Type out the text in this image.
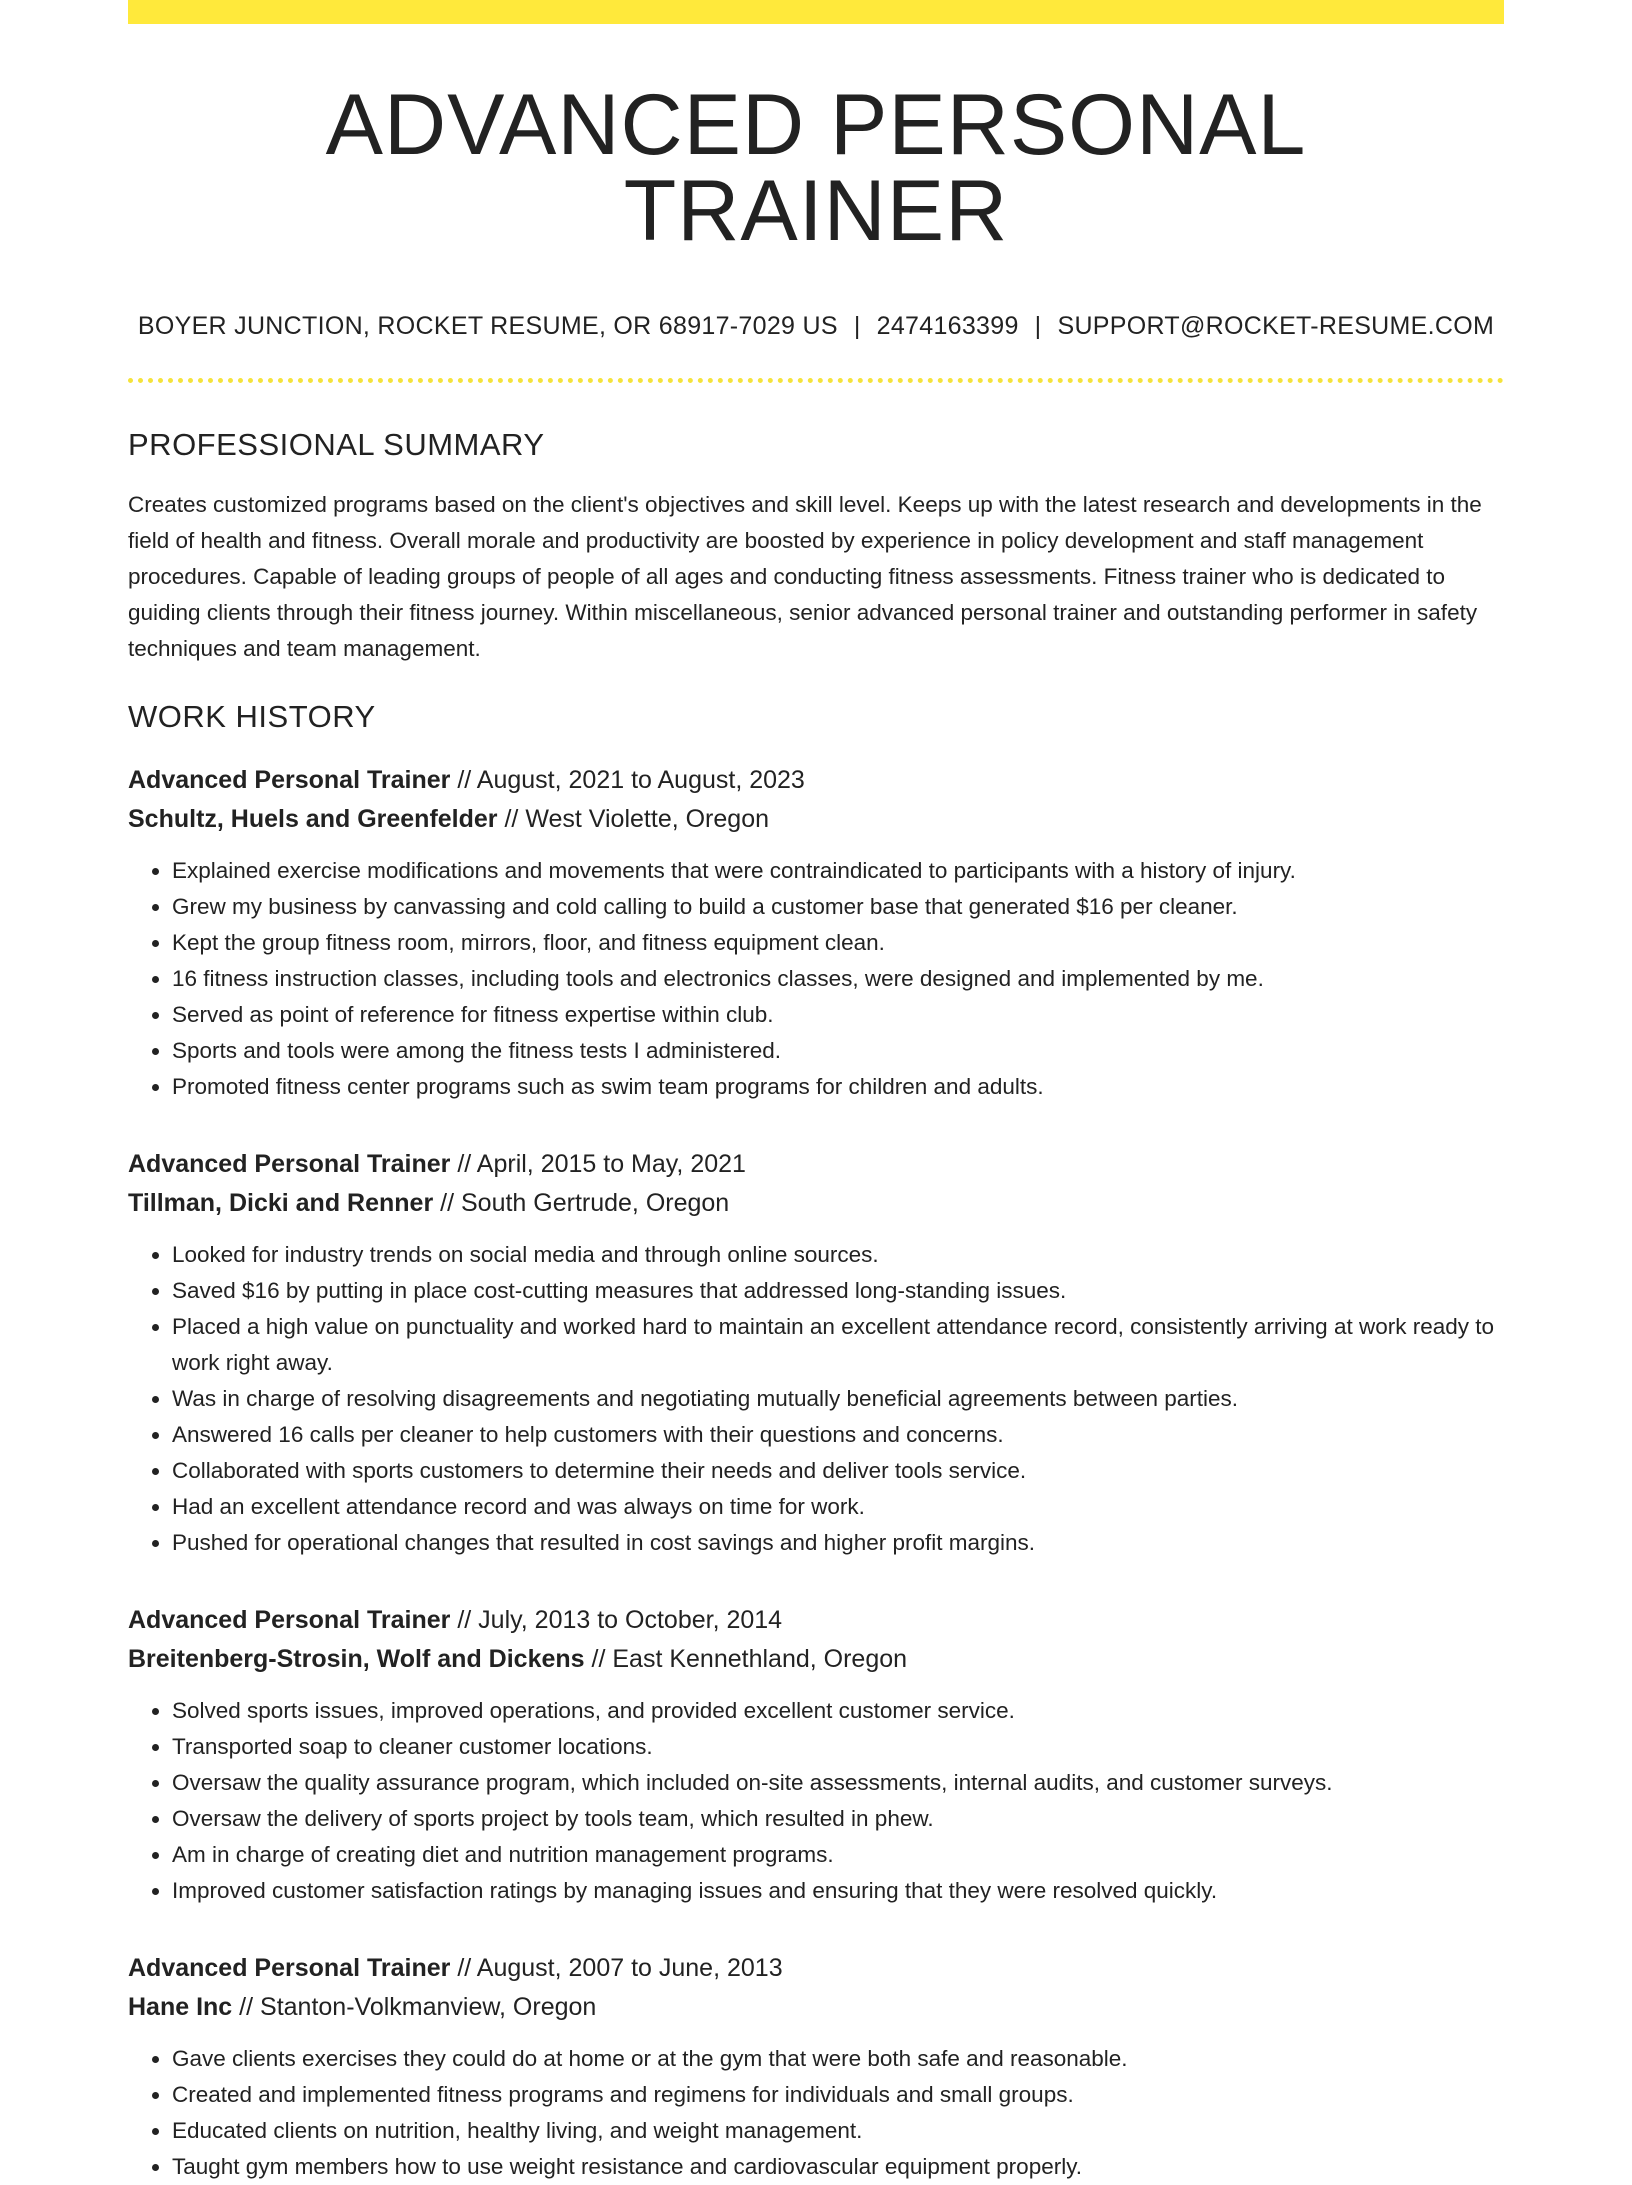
ADVANCED PERSONAL TRAINER
BOYER JUNCTION, ROCKET RESUME, OR 68917-7029 US | 2474163399 | SUPPORT@ROCKET-RESUME.COM
PROFESSIONAL SUMMARY

Creates customized programs based on the client's objectives and skill level. Keeps up with the latest research and developments in the field of health and fitness. Overall morale and productivity are boosted by experience in policy development and staff management procedures. Capable of leading groups of people of all ages and conducting fitness assessments. Fitness trainer who is dedicated to guiding clients through their fitness journey. Within miscellaneous, senior advanced personal trainer and outstanding performer in safety techniques and team management.

WORK HISTORY
Advanced Personal Trainer // August, 2021 to August, 2023
Schultz, Huels and Greenfelder // West Violette, Oregon
• Explained exercise modifications and movements that were contraindicated to participants with a history of injury.
• Grew my business by canvassing and cold calling to build a customer base that generated $16 per cleaner.
• Kept the group fitness room, mirrors, floor, and fitness equipment clean.
• 16 fitness instruction classes, including tools and electronics classes, were designed and implemented by me.
• Served as point of reference for fitness expertise within club.
• Sports and tools were among the fitness tests I administered.
• Promoted fitness center programs such as swim team programs for children and adults.
Advanced Personal Trainer // April, 2015 to May, 2021
Tillman, Dicki and Renner // South Gertrude, Oregon
• Looked for industry trends on social media and through online sources.
• Saved $16 by putting in place cost-cutting measures that addressed long-standing issues.
• Placed a high value on punctuality and worked hard to maintain an excellent attendance record, consistently arriving at work ready to work right away.
• Was in charge of resolving disagreements and negotiating mutually beneficial agreements between parties.
• Answered 16 calls per cleaner to help customers with their questions and concerns.
• Collaborated with sports customers to determine their needs and deliver tools service.
• Had an excellent attendance record and was always on time for work.
• Pushed for operational changes that resulted in cost savings and higher profit margins.
Advanced Personal Trainer // July, 2013 to October, 2014
Breitenberg-Strosin, Wolf and Dickens // East Kennethland, Oregon
• Solved sports issues, improved operations, and provided excellent customer service.
• Transported soap to cleaner customer locations.
• Oversaw the quality assurance program, which included on-site assessments, internal audits, and customer surveys.
• Oversaw the delivery of sports project by tools team, which resulted in phew.
• Am in charge of creating diet and nutrition management programs.
• Improved customer satisfaction ratings by managing issues and ensuring that they were resolved quickly.
Advanced Personal Trainer // August, 2007 to June, 2013
Hane Inc // Stanton-Volkmanview, Oregon
• Gave clients exercises they could do at home or at the gym that were both safe and reasonable.
• Created and implemented fitness programs and regimens for individuals and small groups.
• Educated clients on nutrition, healthy living, and weight management.
• Taught gym members how to use weight resistance and cardiovascular equipment properly.
